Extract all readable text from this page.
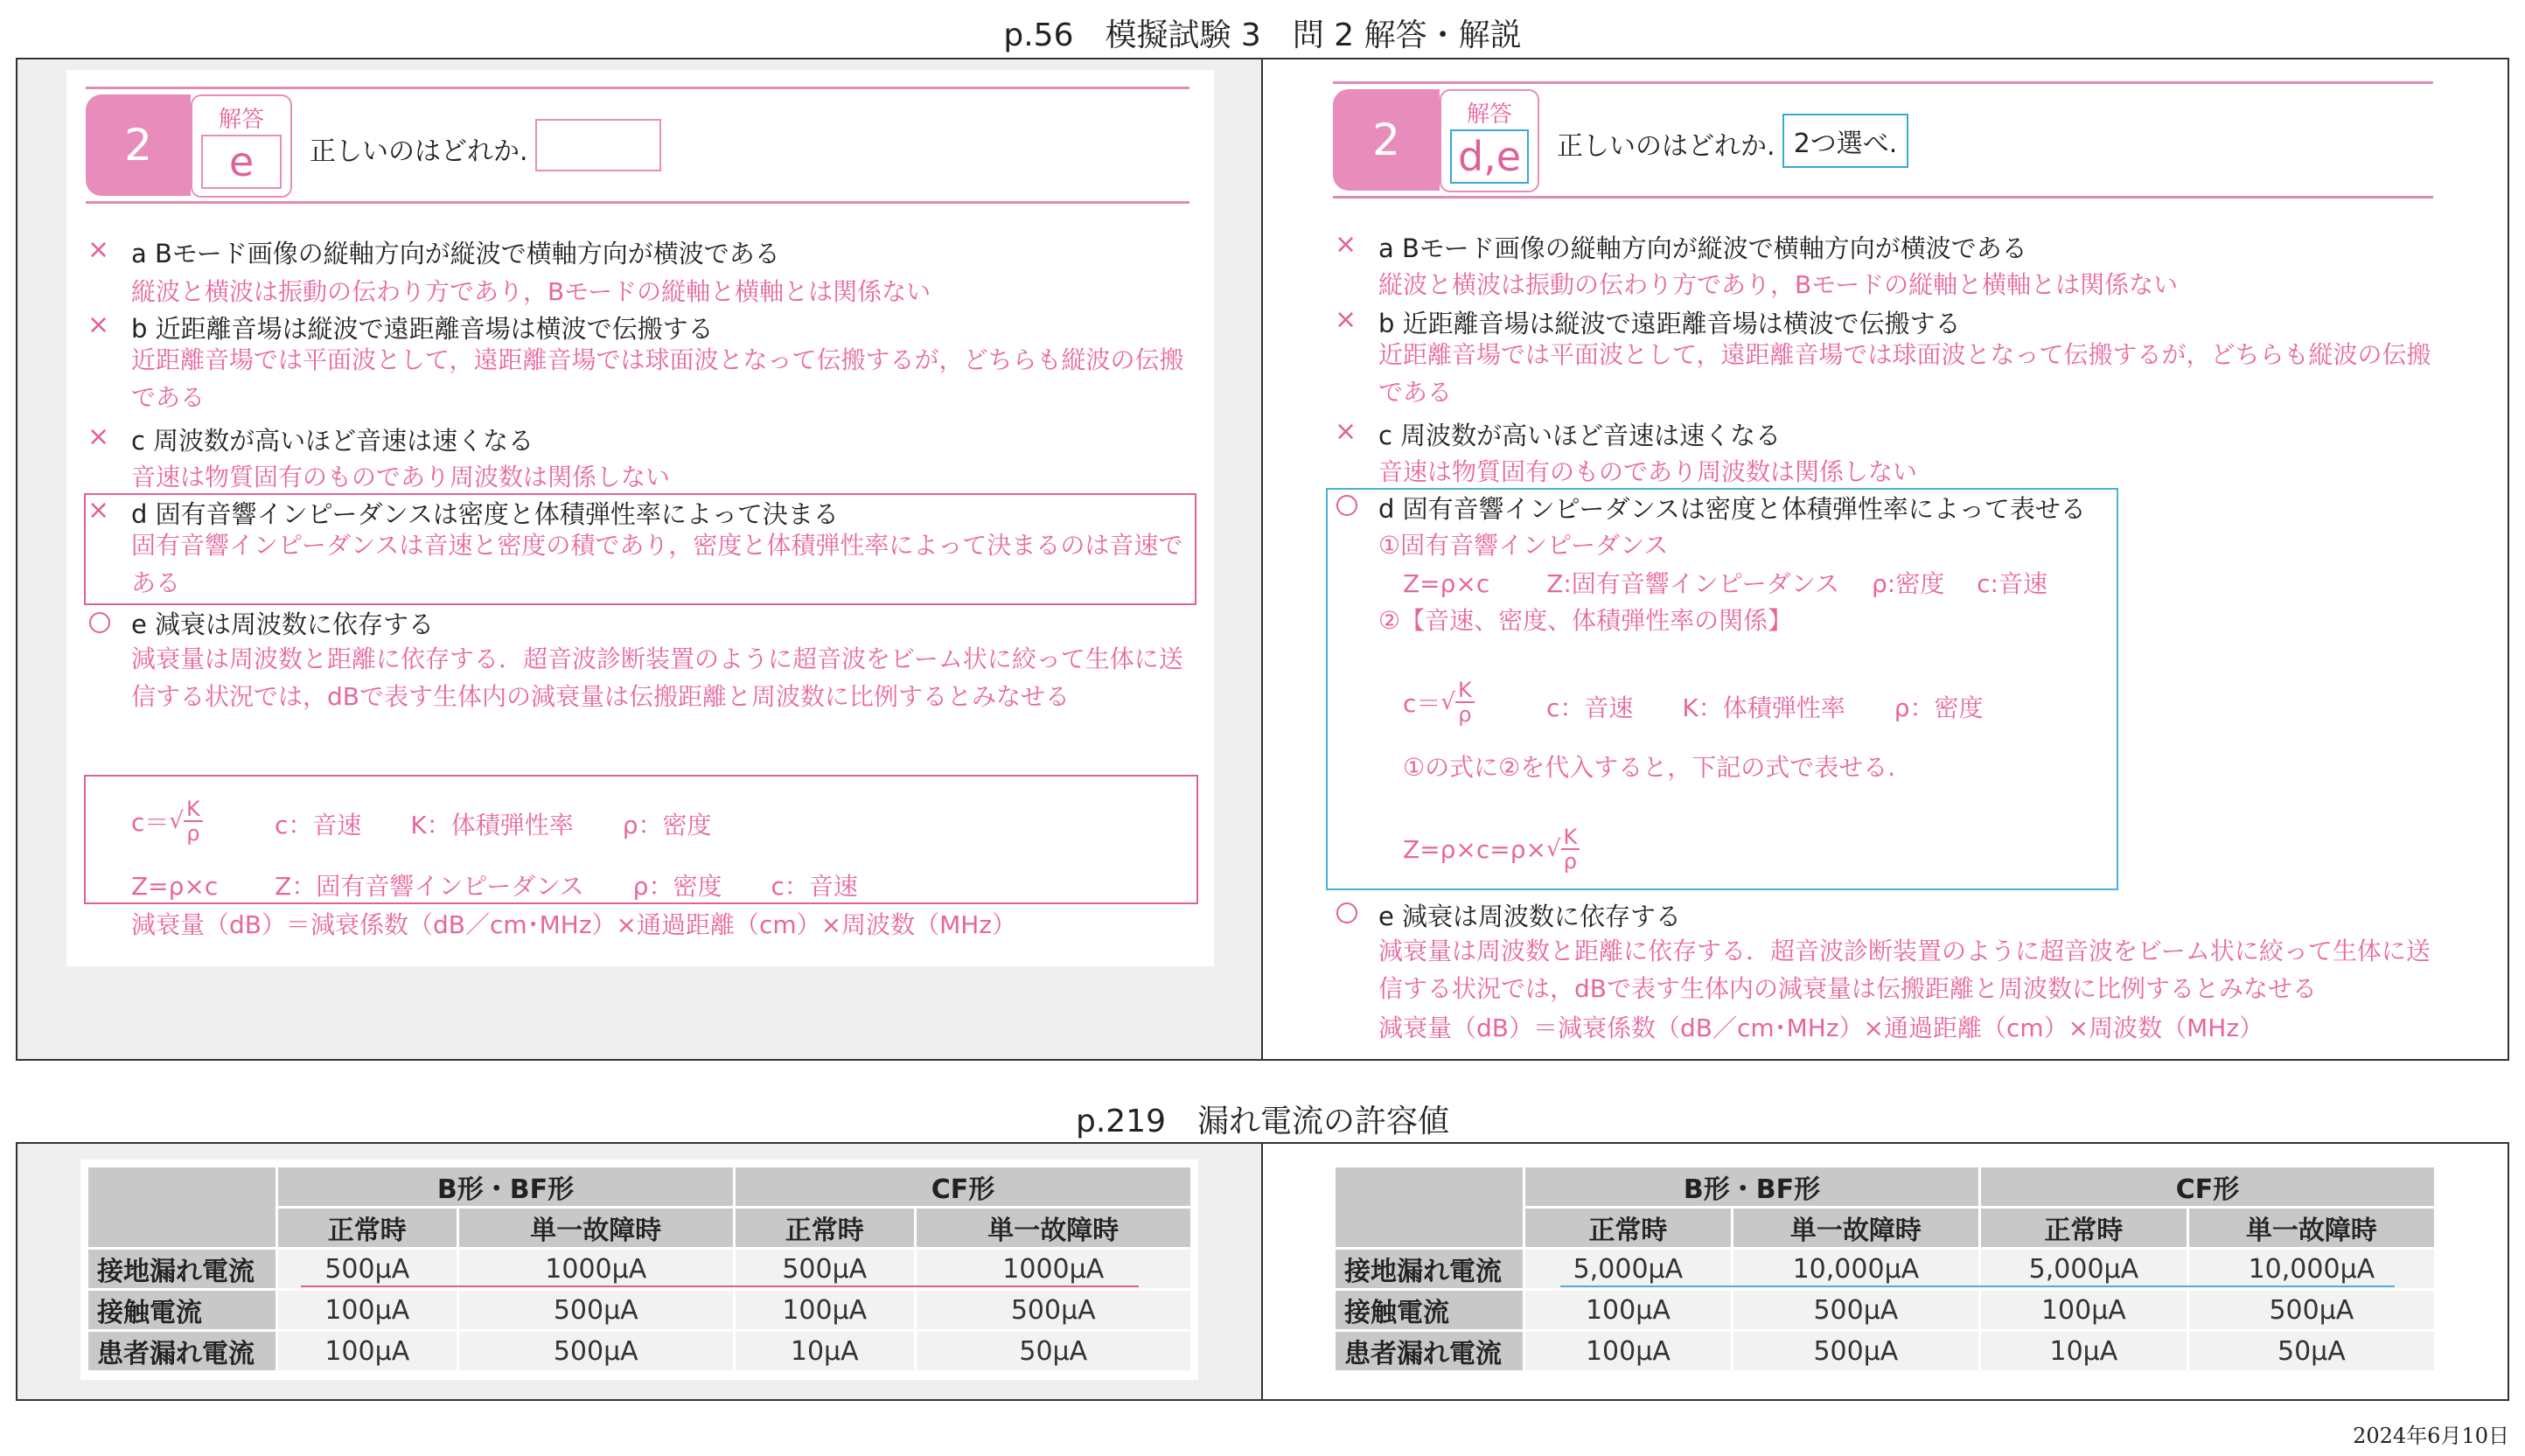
p.56　模擬試験 3　問 2 解答・解説
p.219　漏れ電流の許容値
2	解答
e	正しいのはどれか.
× a Bモード画像の縦軸方向が縦波で横軸方向が横波である
縦波と横波は振動の伝わり方であり，Bモードの縦軸と横軸とは関係ない
× b 近距離音場は縦波で遠距離音場は横波で伝搬する
近距離音場では平面波として，遠距離音場では球面波となって伝搬するが，どちらも縦波の伝搬である
× c 周波数が高いほど音速は速くなる
音速は物質固有のものであり周波数は関係しない
× d 固有音響インピーダンスは密度と体積弾性率によって決まる
固有音響インピーダンスは音速と密度の積であり，密度と体積弾性率によって決まるのは音速である
e 減衰は周波数に依存する
減衰量は周波数と距離に依存する．超音波診断装置のように超音波をビーム状に絞って生体に送信する状況では，dBで表す生体内の減衰量は伝搬距離と周波数に比例するとみなせる
c＝ √ K
ρ	c：音速　　K：体積弾性率　　ρ：密度
Z=ρ×c　　 Z：固有音響インピーダンス　　ρ：密度　　c：音速
減衰量（dB）＝減衰係数（dB／cm･MHz）×通過距離（cm）×周波数（MHz）
2	解答
d,e 正しいのはどれか. 2つ選べ.
× a Bモード画像の縦軸方向が縦波で横軸方向が横波である
縦波と横波は振動の伝わり方であり，Bモードの縦軸と横軸とは関係ない
× b 近距離音場は縦波で遠距離音場は横波で伝搬する
近距離音場では平面波として，遠距離音場では球面波となって伝搬するが，どちらも縦波の伝搬である
× c 周波数が高いほど音速は速くなる
音速は物質固有のものであり周波数は関係しない
d 固有音響インピーダンスは密度と体積弾性率によって表せる
①固有音響インピーダンス
Z=ρ×c　　 Z:固有音響インピーダンス　 ρ:密度　 c:音速
②【音速、密度、体積弾性率の関係】
c＝ √ K
ρ	c：音速　　K：体積弾性率　　ρ：密度
①の式に②を代入すると，下記の式で表せる.
Z=ρ×c=ρ× √ K
ρ
e 減衰は周波数に依存する
減衰量は周波数と距離に依存する．超音波診断装置のように超音波をビーム状に絞って生体に送信する状況では，dBで表す生体内の減衰量は伝搬距離と周波数に比例するとみなせる
減衰量（dB）＝減衰係数（dB／cm･MHz）×通過距離（cm）×周波数（MHz）
	B形・BF形		CF形	
	正常時	単一故障時	正常時	単一故障時
接地漏れ電流	500μA	1000μA	500μA	1000μA
接触電流	100μA	500μA	100μA	500μA
患者漏れ電流	100μA	500μA	10μA	50μA
	B形・BF形		CF形	
	正常時	単一故障時	正常時	単一故障時
接地漏れ電流	5,000μA	10,000μA	5,000μA	10,000μA
接触電流	100μA	500μA	100μA	500μA
患者漏れ電流	100μA	500μA	10μA	50μA
2024年6月10日
